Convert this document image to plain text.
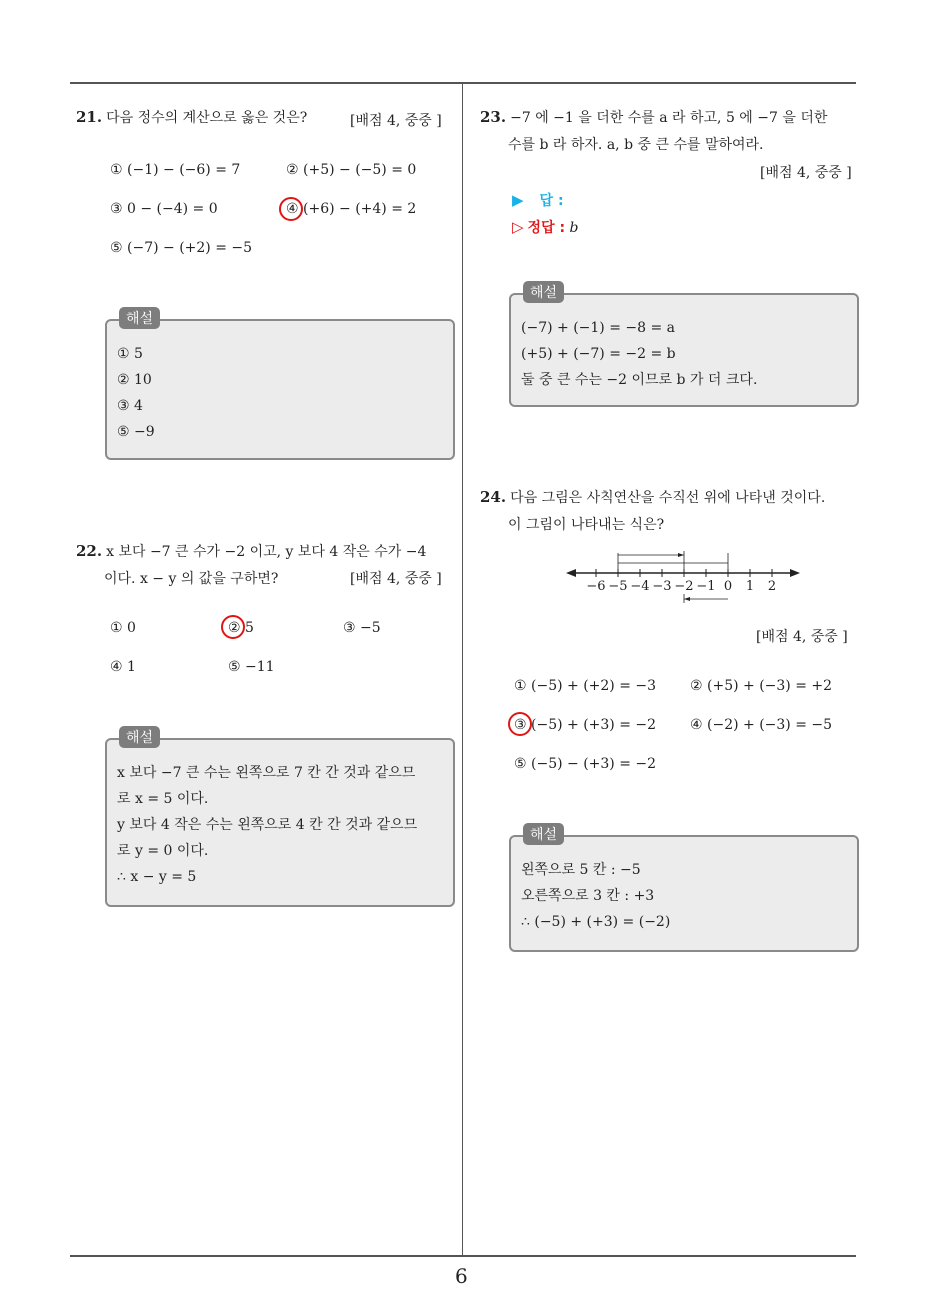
6
21. 다음 정수의 계산으로 옳은 것은?	[배점 4, 중중 ]
① (−1) − (−6) = 7	② (+5) − (−5) = 0
③ 0 − (−4) = 0	④ (+6) − (+4) = 2
⑤ (−7) − (+2) = −5
① 5
② 10
③ 4
⑤ −9
해설
22. x 보다 −7 큰 수가 −2 이고, y 보다 4 작은 수가 −4
이다. x − y 의 값을 구하면?	[배점 4, 중중 ]
① 0	② 5	③ −5
④ 1	⑤ −11
x 보다 −7 큰 수는 왼쪽으로 7 칸 간 것과 같으므
로 x = 5 이다.
y 보다 4 작은 수는 왼쪽으로 4 칸 간 것과 같으므
로 y = 0 이다.
∴ x − y = 5
해설
23. −7 에 −1 을 더한 수를 a 라 하고, 5 에 −7 을 더한
수를 b 라 하자. a, b 중 큰 수를 말하여라.
[배점 4, 중중 ]
▶ 답 :
▷ 정답 : b
(−7) + (−1) = −8 = a
(+5) + (−7) = −2 = b
둘 중 큰 수는 −2 이므로 b 가 더 크다.
해설
24. 다음 그림은 사칙연산을 수직선 위에 나타낸 것이다.
이 그림이 나타내는 식은?
−6 −5 −4 −3 −2 −1 0 1 2
[배점 4, 중중 ]
① (−5) + (+2) = −3 ② (+5) + (−3) = +2
③ (−5) + (+3) = −2 ④ (−2) + (−3) = −5
⑤ (−5) − (+3) = −2
왼쪽으로 5 칸 : −5
오른쪽으로 3 칸 : +3
∴ (−5) + (+3) = (−2)
해설
